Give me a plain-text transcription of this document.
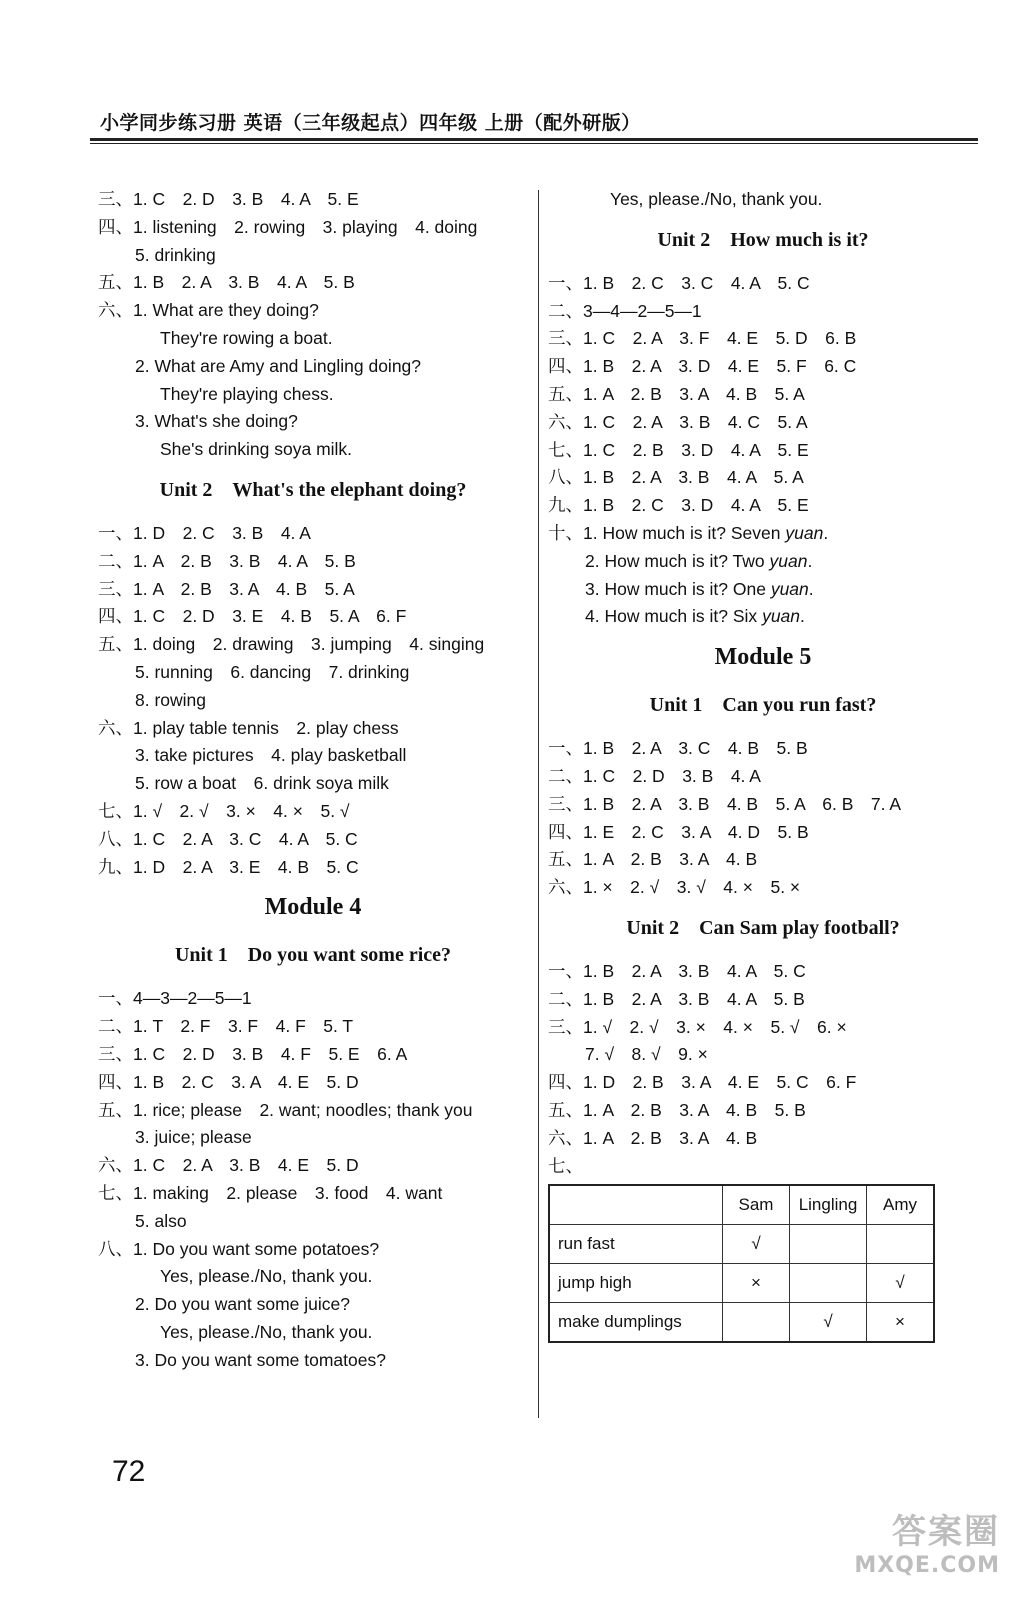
小学同步练习册 英语（三年级起点）四年级 上册（配外研版）
三、1. C　2. D　3. B　4. A　5. E
四、1. listening　2. rowing　3. playing　4. doing
5. drinking
五、1. B　2. A　3. B　4. A　5. B
六、1. What are they doing?
They're rowing a boat.
2. What are Amy and Lingling doing?
They're playing chess.
3. What's she doing?
She's drinking soya milk.
Unit 2　What's the elephant doing?
一、1. D　2. C　3. B　4. A
二、1. A　2. B　3. B　4. A　5. B
三、1. A　2. B　3. A　4. B　5. A
四、1. C　2. D　3. E　4. B　5. A　6. F
五、1. doing　2. drawing　3. jumping　4. singing
5. running　6. dancing　7. drinking
8. rowing
六、1. play table tennis　2. play chess
3. take pictures　4. play basketball
5. row a boat　6. drink soya milk
七、1. √　2. √　3. ×　4. ×　5. √
八、1. C　2. A　3. C　4. A　5. C
九、1. D　2. A　3. E　4. B　5. C
Module 4
Unit 1　Do you want some rice?
一、4—3—2—5—1
二、1. T　2. F　3. F　4. F　5. T
三、1. C　2. D　3. B　4. F　5. E　6. A
四、1. B　2. C　3. A　4. E　5. D
五、1. rice; please　2. want; noodles; thank you
3. juice; please
六、1. C　2. A　3. B　4. E　5. D
七、1. making　2. please　3. food　4. want
5. also
八、1. Do you want some potatoes?
Yes, please./No, thank you.
2. Do you want some juice?
Yes, please./No, thank you.
3. Do you want some tomatoes?
Yes, please./No, thank you.
Unit 2　How much is it?
一、1. B　2. C　3. C　4. A　5. C
二、3—4—2—5—1
三、1. C　2. A　3. F　4. E　5. D　6. B
四、1. B　2. A　3. D　4. E　5. F　6. C
五、1. A　2. B　3. A　4. B　5. A
六、1. C　2. A　3. B　4. C　5. A
七、1. C　2. B　3. D　4. A　5. E
八、1. B　2. A　3. B　4. A　5. A
九、1. B　2. C　3. D　4. A　5. E
十、1. How much is it? Seven yuan.
2. How much is it? Two yuan.
3. How much is it? One yuan.
4. How much is it? Six yuan.
Module 5
Unit 1　Can you run fast?
一、1. B　2. A　3. C　4. B　5. B
二、1. C　2. D　3. B　4. A
三、1. B　2. A　3. B　4. B　5. A　6. B　7. A
四、1. E　2. C　3. A　4. D　5. B
五、1. A　2. B　3. A　4. B
六、1. ×　2. √　3. √　4. ×　5. ×
Unit 2　Can Sam play football?
一、1. B　2. A　3. B　4. A　5. C
二、1. B　2. A　3. B　4. A　5. B
三、1. √　2. √　3. ×　4. ×　5. √　6. ×
7. √　8. √　9. ×
四、1. D　2. B　3. A　4. E　5. C　6. F
五、1. A　2. B　3. A　4. B　5. B
六、1. A　2. B　3. A　4. B
七、
	Sam	Lingling	Amy
run fast	√		
jump high	×		√
make dumplings		√	×
72
答案圈
MXQE.COM
